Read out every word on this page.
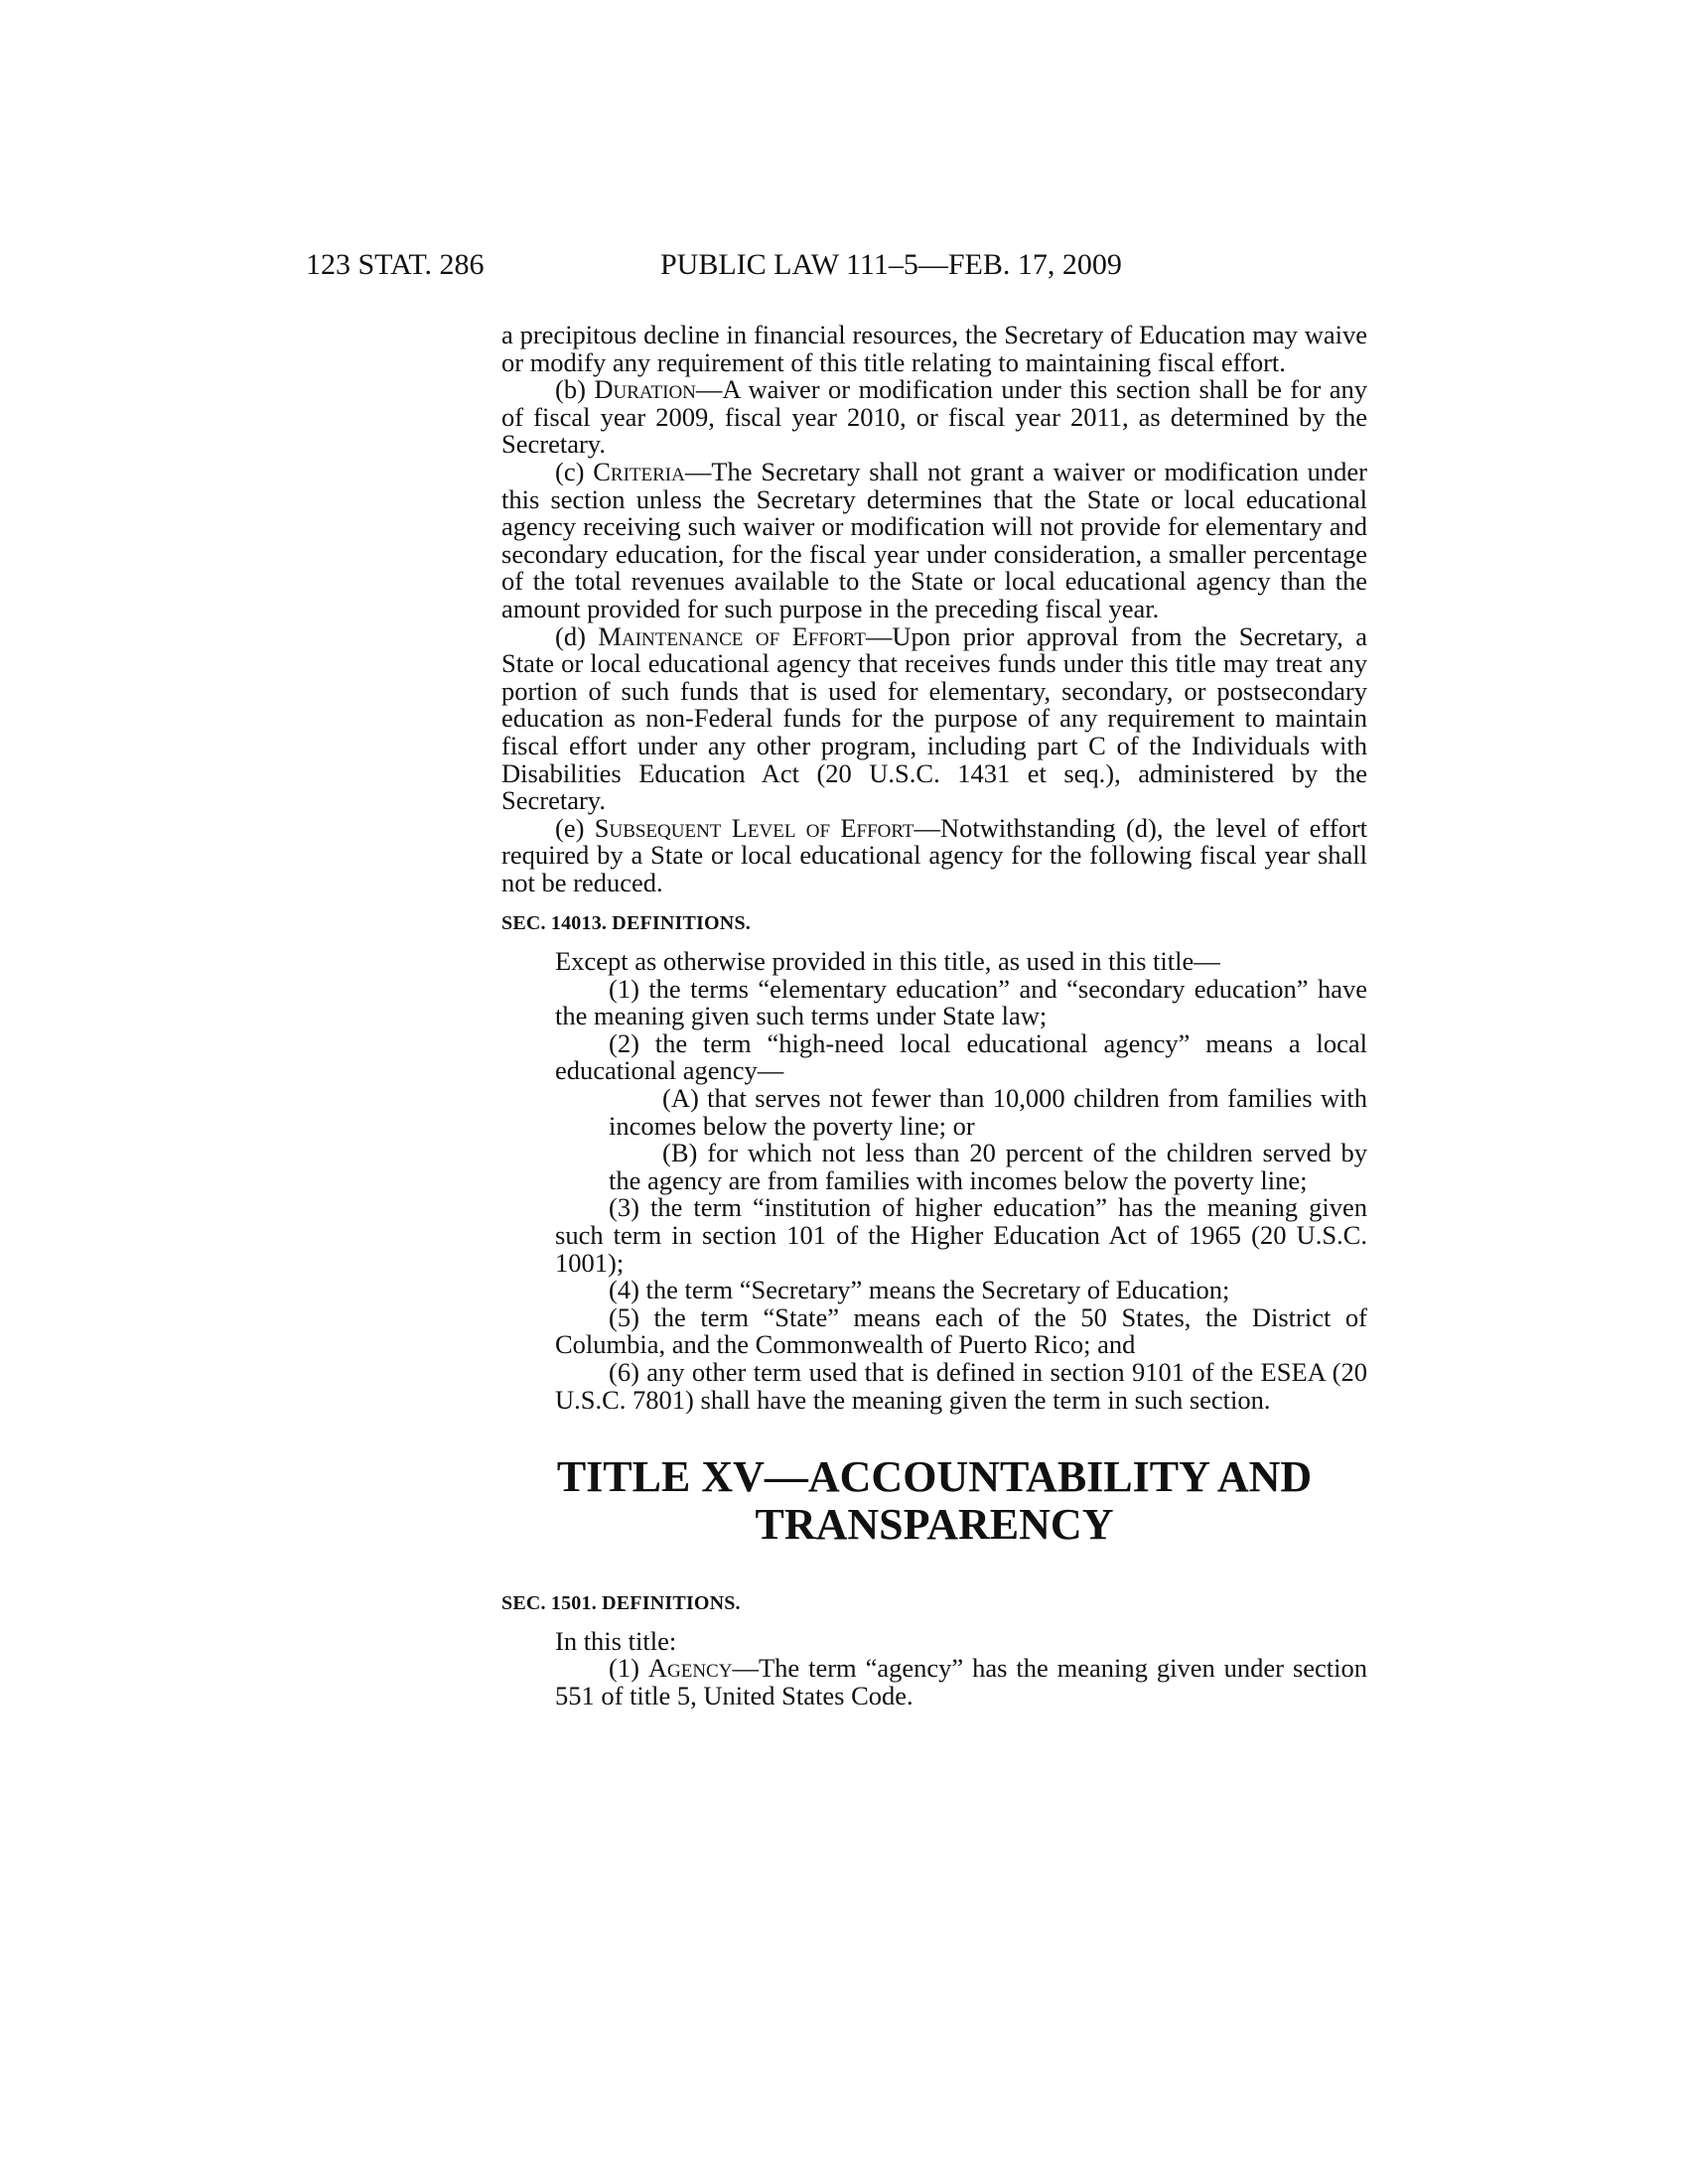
123 STAT. 286	PUBLIC LAW 111–5—FEB. 17, 2009

a precipitous decline in financial resources, the Secretary of Education may waive or modify any requirement of this title relating to maintaining fiscal effort.

(b) Duration—A waiver or modification under this section shall be for any of fiscal year 2009, fiscal year 2010, or fiscal year 2011, as determined by the Secretary.

(c) Criteria—The Secretary shall not grant a waiver or modification under this section unless the Secretary determines that the State or local educational agency receiving such waiver or modification will not provide for elementary and secondary education, for the fiscal year under consideration, a smaller percentage of the total revenues available to the State or local educational agency than the amount provided for such purpose in the preceding fiscal year.

(d) Maintenance of Effort—Upon prior approval from the Secretary, a State or local educational agency that receives funds under this title may treat any portion of such funds that is used for elementary, secondary, or postsecondary education as non-Federal funds for the purpose of any requirement to maintain fiscal effort under any other program, including part C of the Individuals with Disabilities Education Act (20 U.S.C. 1431 et seq.), administered by the Secretary.

(e) Subsequent Level of Effort—Notwithstanding (d), the level of effort required by a State or local educational agency for the following fiscal year shall not be reduced.

SEC. 14013. DEFINITIONS.

Except as otherwise provided in this title, as used in this title—

(1) the terms “elementary education” and “secondary education” have the meaning given such terms under State law;

(2) the term “high-need local educational agency” means a local educational agency—

(A) that serves not fewer than 10,000 children from families with incomes below the poverty line; or

(B) for which not less than 20 percent of the children served by the agency are from families with incomes below the poverty line;

(3) the term “institution of higher education” has the meaning given such term in section 101 of the Higher Education Act of 1965 (20 U.S.C. 1001);

(4) the term “Secretary” means the Secretary of Education;

(5) the term “State” means each of the 50 States, the District of Columbia, and the Commonwealth of Puerto Rico; and

(6) any other term used that is defined in section 9101 of the ESEA (20 U.S.C. 7801) shall have the meaning given the term in such section.

TITLE XV—ACCOUNTABILITY AND
TRANSPARENCY
SEC. 1501. DEFINITIONS.

In this title:

(1) Agency—The term “agency” has the meaning given under section 551 of title 5, United States Code.
